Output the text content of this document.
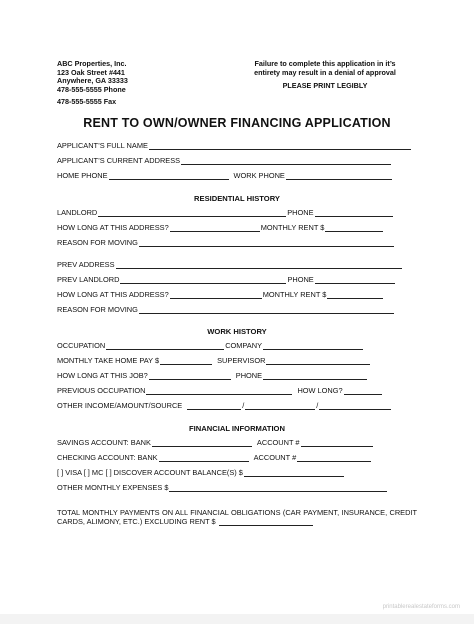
ABC Properties, Inc.
123 Oak Street #441
Anywhere, GA 33333
478-555-5555 Phone
478-555-5555 Fax
Failure to complete this application in it’s
entirety may result in a denial of approval
PLEASE PRINT LEGIBLY
RENT TO OWN/OWNER FINANCING APPLICATION
APPLICANT’S FULL NAME
APPLICANT’S CURRENT ADDRESS
HOME PHONE	WORK PHONE
RESIDENTIAL HISTORY
LANDLORD	PHONE
HOW LONG AT THIS ADDRESS?	MONTHLY RENT $
REASON FOR MOVING
PREV ADDRESS
PREV LANDLORD	PHONE
HOW LONG AT THIS ADDRESS?	MONTHLY RENT $
REASON FOR MOVING
WORK HISTORY
OCCUPATION	COMPANY
MONTHLY TAKE HOME PAY $	SUPERVISOR
HOW LONG AT THIS JOB?	PHONE
PREVIOUS OCCUPATION	HOW LONG?
OTHER INCOME/AMOUNT/SOURCE	/	/
FINANCIAL INFORMATION
SAVINGS ACCOUNT: BANK	ACCOUNT #
CHECKING ACCOUNT: BANK	ACCOUNT #
[ ] VISA [ ] MC [ ] DISCOVER ACCOUNT BALANCE(S) $
OTHER MONTHLY EXPENSES $
TOTAL MONTHLY PAYMENTS ON ALL FINANCIAL OBLIGATIONS (CAR PAYMENT, INSURANCE, CREDIT CARDS, ALIMONY, ETC.) EXCLUDING RENT $
printablerealestateforms.com
